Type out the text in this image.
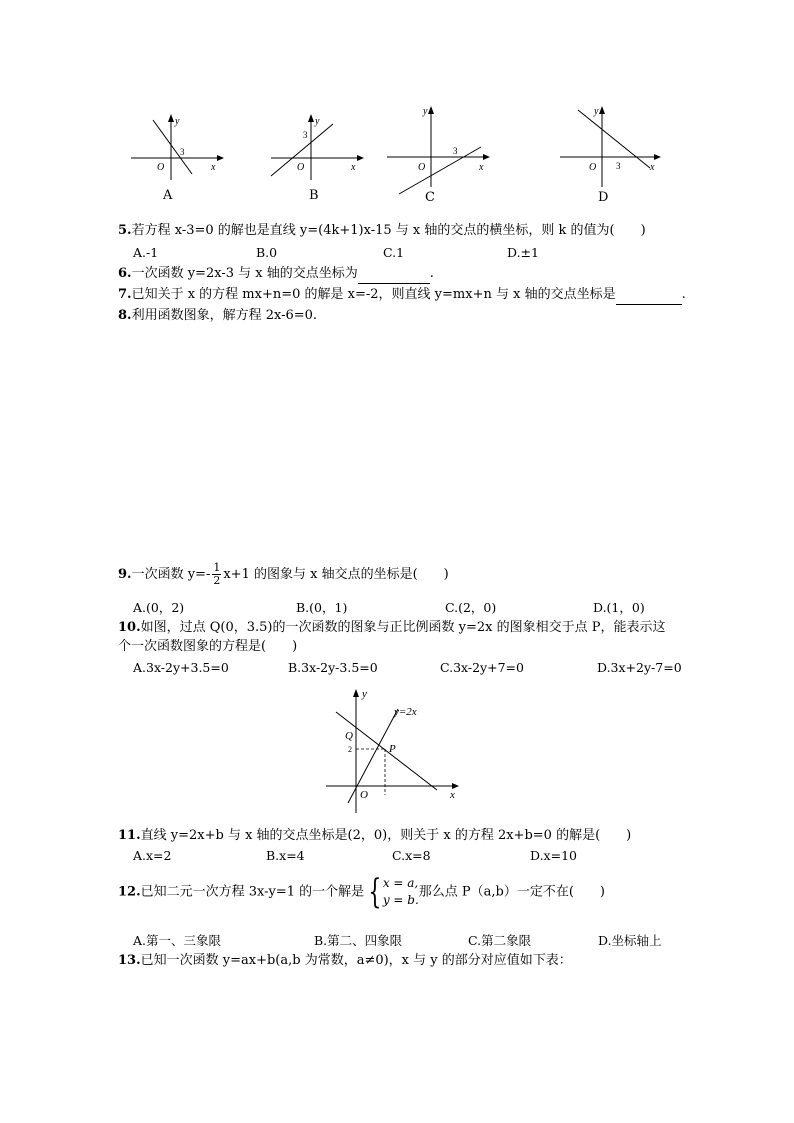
y
x
O
3
A
y
x
O
3
B
y
x
O
3
C
y
x
O 3
D
5.若方程 x-3=0 的解也是直线 y=(4k+1)x-15 与 x 轴的交点的横坐标，则 k 的值为(　　)
A.-1	B.0	C.1	D.±1
6.一次函数 y=2x-3 与 x 轴的交点坐标为	.
7.已知关于 x 的方程 mx+n=0 的解是 x=-2，则直线 y=mx+n 与 x 轴的交点坐标是	.
8.利用函数图象，解方程 2x-6=0.
9.一次函数 $y=- \frac{1}{2} x+1$ 的图象与 x 轴交点的坐标是(　　)
A.(0，2)	B.(0，1)	C.(2，0)	D.(1，0)
10.如图，过点 Q(0，3.5)的一次函数的图象与正比例函数 y=2x 的图象相交于点 P，能表示这
个一次函数图象的方程是(　　)
A.3x-2y+3.5=0	B.3x-2y-3.5=0	C.3x-2y+7=0	D.3x+2y-7=0
y
x
O
Q
P
2
y=2x
11.直线 y=2x+b 与 x 轴的交点坐标是(2，0)，则关于 x 的方程 2x+b=0 的解是(　　)
A.x=2	B.x=4	C.x=8	D.x=10
12.已知二元一次方程 3x-y=1 的一个解是 { x = a,
y = b.
那么点 P（a,b）一定不在(　　)
A.第一、三象限	B.第二、四象限	C.第二象限	D.坐标轴上
13.已知一次函数 y=ax+b(a,b 为常数，a≠0)，x 与 y 的部分对应值如下表：
